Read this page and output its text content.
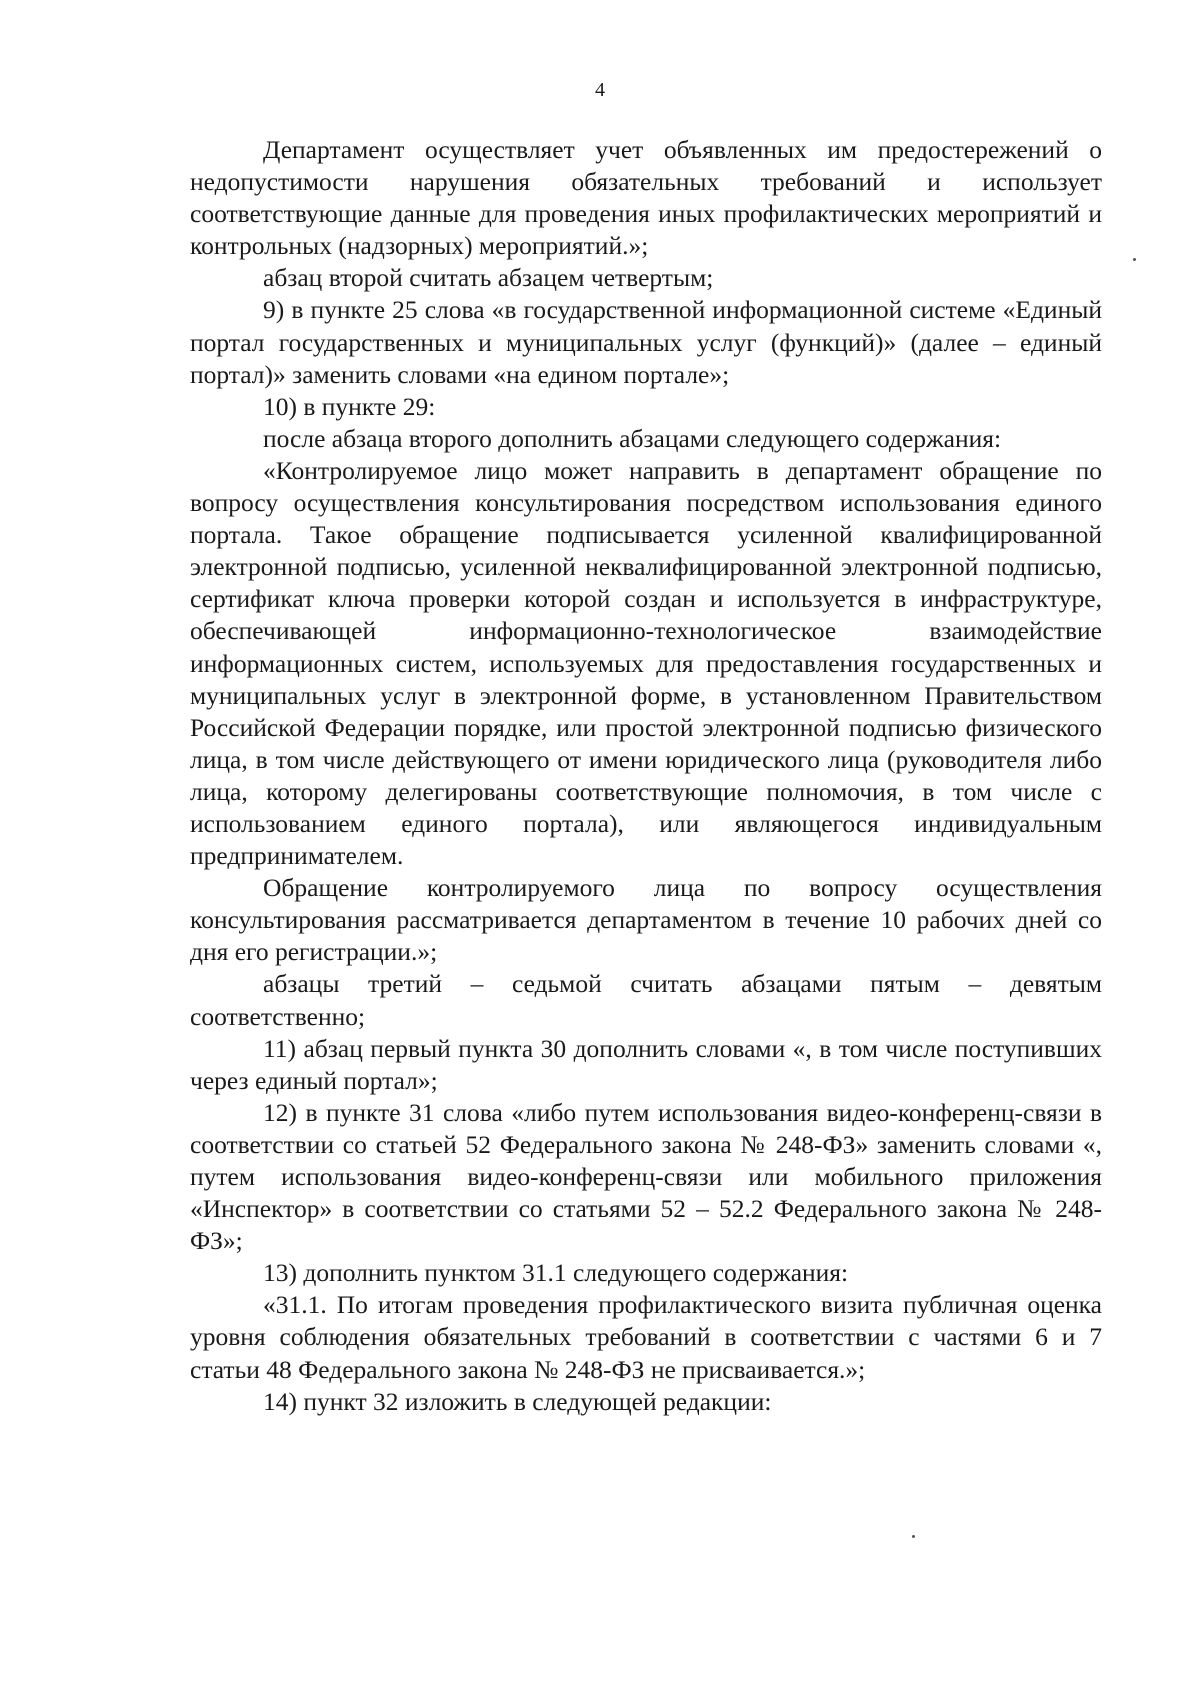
4

Департамент осуществляет учет объявленных им предостережений о недопустимости нарушения обязательных требований и использует соответствующие данные для проведения иных профилактических мероприятий и контрольных (надзорных) мероприятий.»;

абзац второй считать абзацем четвертым;

9) в пункте 25 слова «в государственной информационной системе «Единый портал государственных и муниципальных услуг (функций)» (далее – единый портал)» заменить словами «на едином портале»;

10) в пункте 29:

после абзаца второго дополнить абзацами следующего содержания:

«Контролируемое лицо может направить в департамент обращение по вопросу осуществления консультирования посредством использования единого портала. Такое обращение подписывается усиленной квалифицированной электронной подписью, усиленной неквалифицированной электронной подписью, сертификат ключа проверки которой создан и используется в инфраструктуре, обеспечивающей информационно-технологическое взаимодействие информационных систем, используемых для предоставления государственных и муниципальных услуг в электронной форме, в установленном Правительством Российской Федерации порядке, или простой электронной подписью физического лица, в том числе действующего от имени юридического лица (руководителя либо лица, которому делегированы соответствующие полномочия, в том числе с использованием единого портала), или являющегося индивидуальным предпринимателем.

Обращение контролируемого лица по вопросу осуществления консультирования рассматривается департаментом в течение 10 рабочих дней со дня его регистрации.»;

абзацы третий – седьмой считать абзацами пятым – девятым соответственно;

11) абзац первый пункта 30 дополнить словами «, в том числе поступивших через единый портал»;

12) в пункте 31 слова «либо путем использования видео-конференц-связи в соответствии со статьей 52 Федерального закона № 248-ФЗ» заменить словами «, путем использования видео-конференц-связи или мобильного приложения «Инспектор» в соответствии со статьями 52 – 52.2 Федерального закона № 248-ФЗ»;

13) дополнить пунктом 31.1 следующего содержания:

«31.1. По итогам проведения профилактического визита публичная оценка уровня соблюдения обязательных требований в соответствии с частями 6 и 7 статьи 48 Федерального закона № 248-ФЗ не присваивается.»;

14) пункт 32 изложить в следующей редакции:
